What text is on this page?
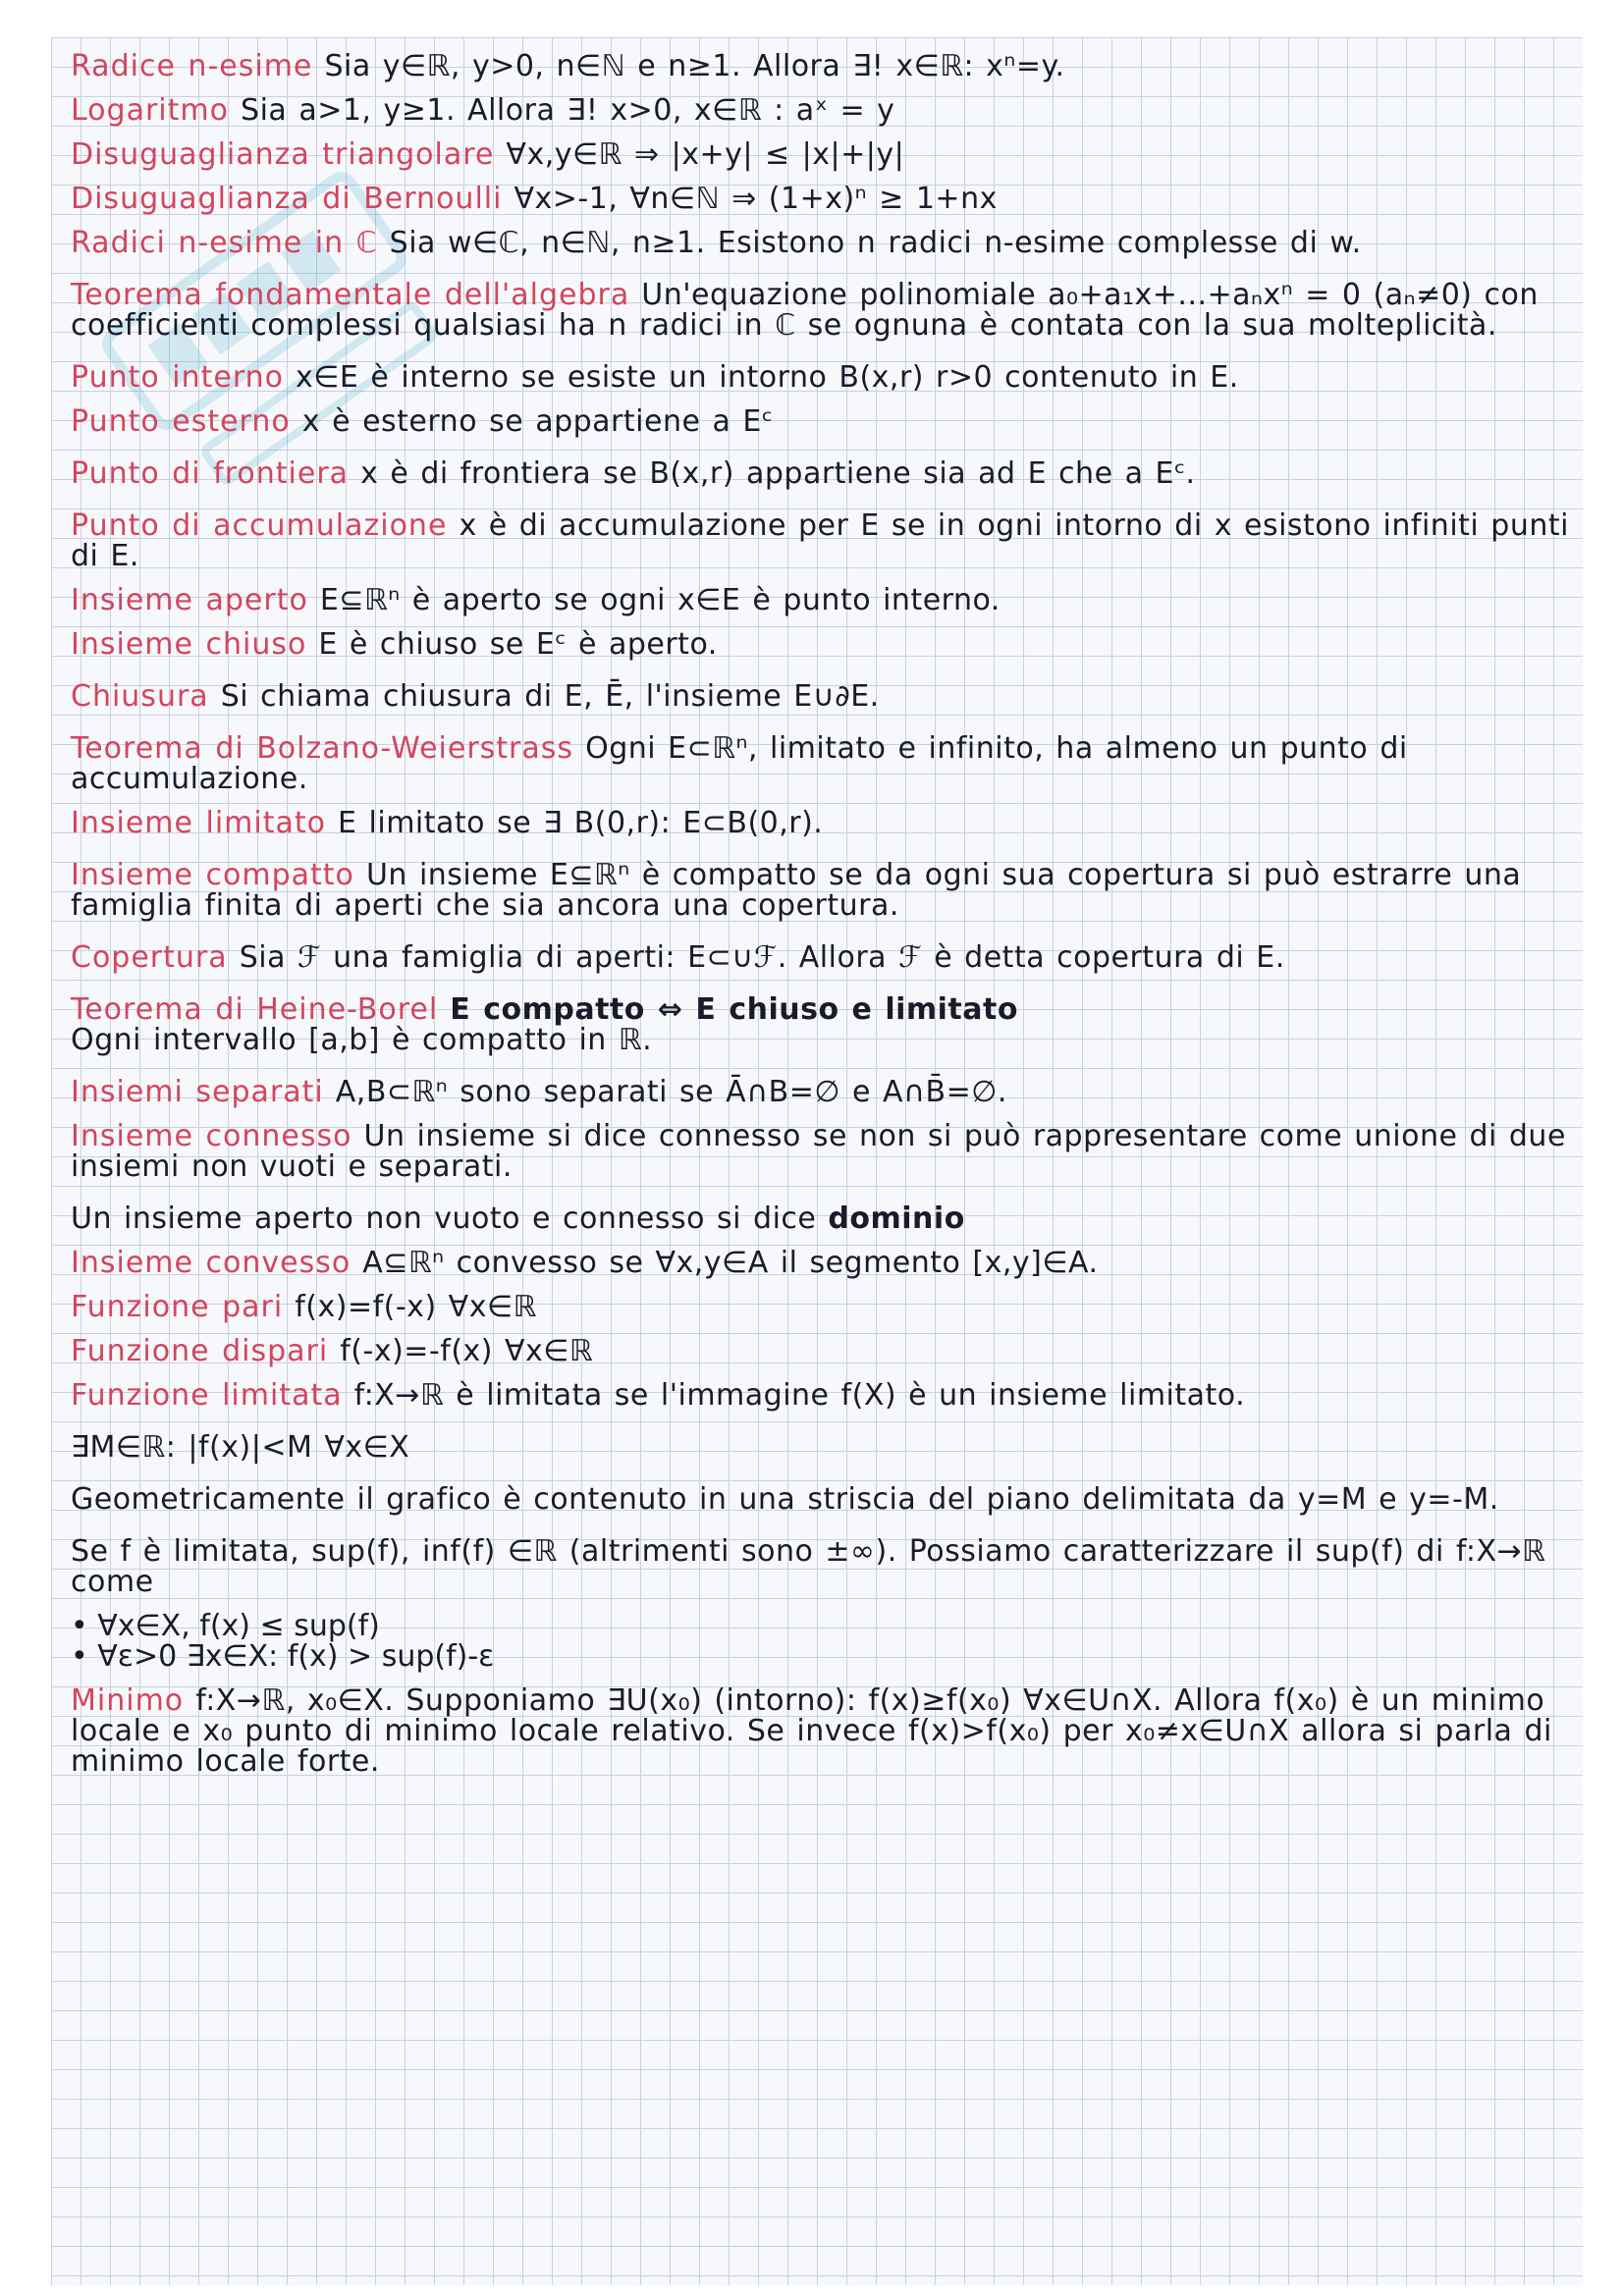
Radice n-esime Sia y∈ℝ, y>0, n∈ℕ e n≥1. Allora ∃! x∈ℝ: xⁿ=y.

Logaritmo Sia a>1, y≥1. Allora ∃! x>0, x∈ℝ : aˣ = y

Disuguaglianza triangolare ∀x,y∈ℝ ⇒ |x+y| ≤ |x|+|y|

Disuguaglianza di Bernoulli ∀x>-1, ∀n∈ℕ ⇒ (1+x)ⁿ ≥ 1+nx

Radici n-esime in ℂ Sia w∈ℂ, n∈ℕ, n≥1. Esistono n radici n-esime complesse di w.

Teorema fondamentale dell'algebra Un'equazione polinomiale a₀+a₁x+...+aₙxⁿ = 0 (aₙ≠0) con coefficienti complessi qualsiasi ha n radici in ℂ se ognuna è contata con la sua molteplicità.

Punto interno x∈E è interno se esiste un intorno B(x,r) r>0 contenuto in E.

Punto esterno x è esterno se appartiene a Eᶜ

Punto di frontiera x è di frontiera se B(x,r) appartiene sia ad E che a Eᶜ.

Punto di accumulazione x è di accumulazione per E se in ogni intorno di x esistono infiniti punti di E.

Insieme aperto E⊆ℝⁿ è aperto se ogni x∈E è punto interno.

Insieme chiuso E è chiuso se Eᶜ è aperto.

Chiusura Si chiama chiusura di E, Ē, l'insieme E∪∂E.

Teorema di Bolzano-Weierstrass Ogni E⊂ℝⁿ, limitato e infinito, ha almeno un punto di accumulazione.

Insieme limitato E limitato se ∃ B(0,r): E⊂B(0,r).

Insieme compatto Un insieme E⊆ℝⁿ è compatto se da ogni sua copertura si può estrarre una famiglia finita di aperti che sia ancora una copertura.

Copertura Sia ℱ una famiglia di aperti: E⊂∪ℱ. Allora ℱ è detta copertura di E.

Teorema di Heine-Borel E compatto ⇔ E chiuso e limitato
Ogni intervallo [a,b] è compatto in ℝ.

Insiemi separati A,B⊂ℝⁿ sono separati se Ā∩B=∅ e A∩B̄=∅.

Insieme connesso Un insieme si dice connesso se non si può rappresentare come unione di due insiemi non vuoti e separati.

Un insieme aperto non vuoto e connesso si dice dominio

Insieme convesso A⊆ℝⁿ convesso se ∀x,y∈A il segmento [x,y]∈A.

Funzione pari f(x)=f(-x) ∀x∈ℝ

Funzione dispari f(-x)=-f(x) ∀x∈ℝ

Funzione limitata f:X→ℝ è limitata se l'immagine f(X) è un insieme limitato.

∃M∈ℝ: |f(x)|<M ∀x∈X

Geometricamente il grafico è contenuto in una striscia del piano delimitata da y=M e y=-M.

Se f è limitata, sup(f), inf(f) ∈ℝ (altrimenti sono ±∞). Possiamo caratterizzare il sup(f) di f:X→ℝ come

• ∀x∈X, f(x) ≤ sup(f)
• ∀ε>0 ∃x∈X: f(x) > sup(f)-ε

Minimo f:X→ℝ, x₀∈X. Supponiamo ∃U(x₀) (intorno): f(x)≥f(x₀) ∀x∈U∩X. Allora f(x₀) è un minimo locale e x₀ punto di minimo locale relativo. Se invece f(x)>f(x₀) per x₀≠x∈U∩X allora si parla di minimo locale forte.
